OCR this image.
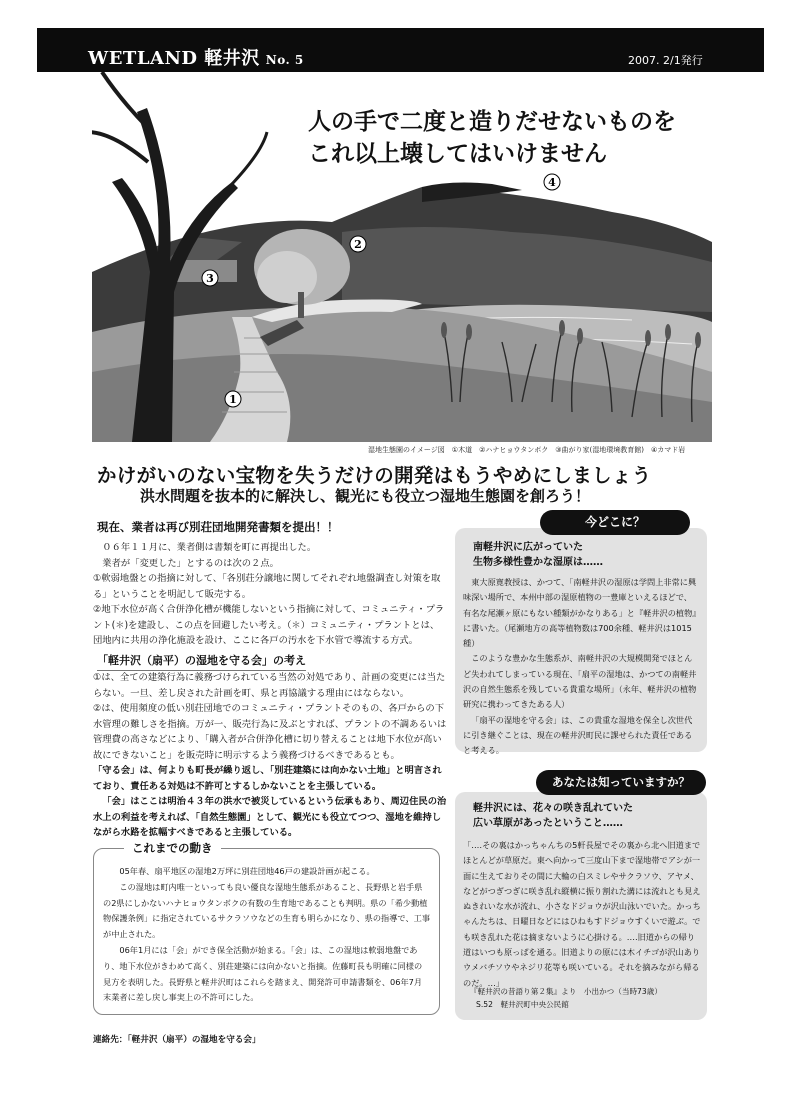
WETLAND 軽井沢 No. 5	2007. 2/1発行
1
2
3
4
人の手で二度と造りだせないものを
これ以上壊してはいけません
湿地生態園のイメージ図　①木道　②ハナヒョウタンボク　③曲がり家(湿地環境教育館)　④カマド岩
かけがいのない宝物を失うだけの開発はもうやめにしましょう
洪水問題を抜本的に解決し、観光にも役立つ湿地生態園を創ろう！
現在、業者は再び別荘団地開発書類を提出！！

０６年１１月に、業者側は書類を町に再提出した。

業者が「変更した」とするのは次の２点。

①軟弱地盤との指摘に対して、「各別荘分譲地に関してそれぞれ地盤調査し対策を取る」ということを明記して販売する。

②地下水位が高く合併浄化槽が機能しないという指摘に対して、コミュニティ・プラント(＊)を建設し、この点を回避したい考え。（＊）コミュニティ・プラントとは、団地内に共用の浄化施設を設け、ここに各戸の汚水を下水管で導流する方式。

「軽井沢（扇平）の湿地を守る会」の考え

①は、全ての建築行為に義務づけられている当然の対処であり、計画の変更には当たらない。一旦、差し戻された計画を町、県と再協議する理由にはならない。

②は、使用頻度の低い別荘団地でのコミュニティ・プラントそのもの、各戸からの下水管理の難しさを指摘。万が一、販売行為に及ぶとすれば、プラントの不調あるいは管理費の高さなどにより、「購入者が合併浄化槽に切り替えることは地下水位が高い故にできないこと」を販売時に明示するよう義務づけるべきであるとも。

「守る会」は、何よりも町長が繰り返し、「別荘建築には向かない土地」と明言されており、責任ある対処は不許可とするしかないことを主張している。

「会」はここは明治４３年の洪水で被災しているという伝承もあり、周辺住民の治水上の利益を考えれば、「自然生態園」として、観光にも役立てつつ、湿地を維持しながら水路を拡幅すべきであると主張している。

これまでの動き

05年春、扇平地区の湿地2万坪に別荘団地46戸の建設計画が起こる。

この湿地は町内唯一といっても良い優良な湿地生態系があること、長野県と岩手県の2県にしかないハナヒョウタンボクの有数の生育地であることも判明。県の「希少動植物保護条例」に指定されているサクラソウなどの生育も明らかになり、県の指導で、工事が中止された。

06年1月には「会」ができ保全活動が始まる。「会」は、この湿地は軟弱地盤であり、地下水位がきわめて高く、別荘建築には向かないと指摘。佐藤町長も明確に同様の見方を表明した。長野県と軽井沢町はこれらを踏まえ、開発許可申請書類を、06年7月末業者に差し戻し事実上の不許可にした。

連絡先：「軽井沢（扇平）の湿地を守る会」
今どこに？
南軽井沢に広がっていた
生物多様性豊かな湿原は……

東大原寛教授は、かつて、「南軽井沢の湿原は学問上非常に興味深い場所で、本州中部の湿原植物の一豊庫といえるほどで、有名な尾瀬ヶ原にもない種類がかなりある」と『軽井沢の植物』に書いた。（尾瀬地方の高等植物数は700余種、軽井沢は1015種）

このような豊かな生態系が、南軽井沢の大規模開発でほとんど失われてしまっている現在、「扇平の湿地は、かつての南軽井沢の自然生態系を残している貴重な場所」（永年、軽井沢の植物研究に携わってきたある人）

「扇平の湿地を守る会」は、この貴重な湿地を保全し次世代に引き継ぐことは、現在の軽井沢町民に課せられた責任であると考える。

あなたは知っていますか？
軽井沢には、花々の咲き乱れていた
広い草原があったということ……
「‥‥その裏はかっちゃんちの5軒長屋でその裏から北へ旧道までほとんどが草原だ。東へ向かって三度山下まで湿地帯でアシが一面に生えておりその間に大輪の白スミレやサクラソウ、アヤメ、などがつぎつぎに咲き乱れ縦横に振り割れた溝には流れとも見えぬきれいな水が流れ、小さなドジョウが沢山泳いでいた。かっちゃんたちは、日曜日などにはひねもすドジョウすくいで遊ぶ。でも咲き乱れた花は摘まないように心掛ける。‥‥旧道からの帰り道はいつも原っぱを通る。旧道よりの原には木イチゴが沢山ありウメバチソウやネジリ花等も咲いている。それを摘みながら帰るのだ。…」
『軽井沢の昔語り第２集』より　小出かつ（当時73歳）
S.52　軽井沢町中央公民館
